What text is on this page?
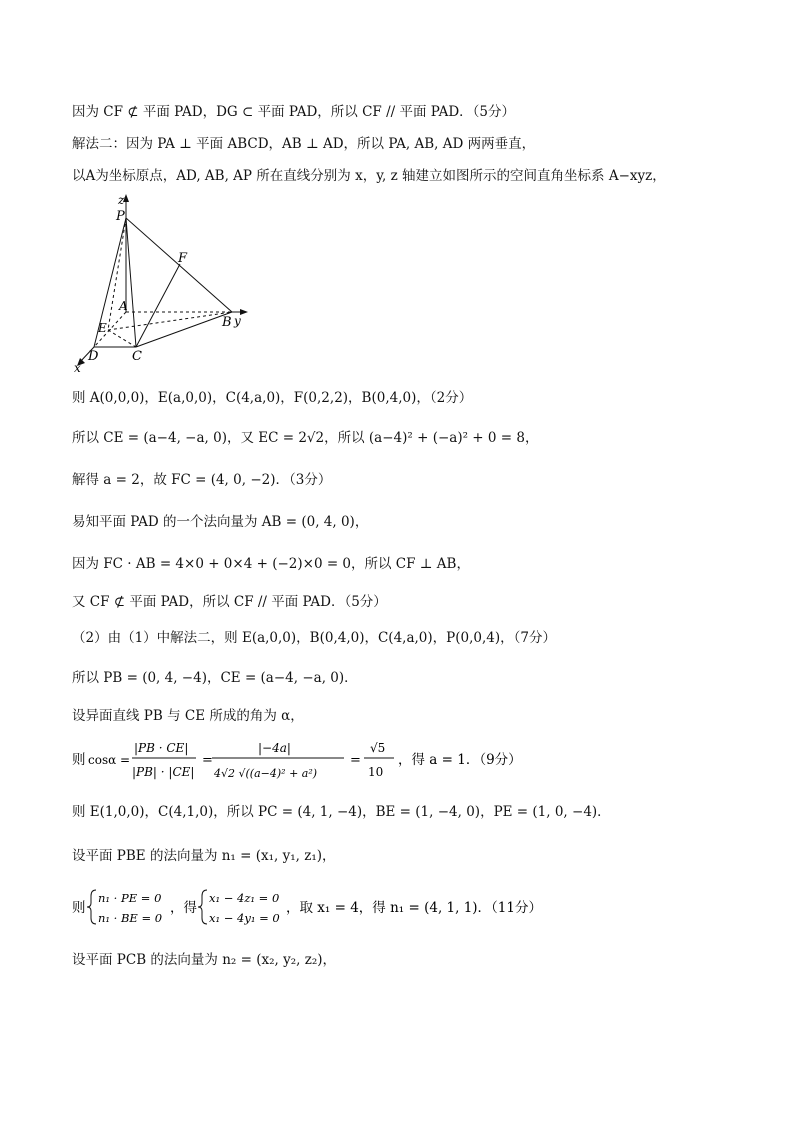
因为 CF ⊄ 平面 PAD，DG ⊂ 平面 PAD，所以 CF // 平面 PAD．（5分）
解法二：因为 PA ⊥ 平面 ABCD，AB ⊥ AD，所以 PA, AB, AD 两两垂直，
以A为坐标原点，AD, AB, AP 所在直线分别为 x，y, z 轴建立如图所示的空间直角坐标系 A−xyz，
z
P
F
A
E	B y
D	C
x
则 A(0,0,0)，E(a,0,0)，C(4,a,0)，F(0,2,2)，B(0,4,0)，（2分）
所以 CE = (a−4, −a, 0)，又 EC = 2√2，所以 (a−4)² + (−a)² + 0 = 8，
解得 a = 2，故 FC = (4, 0, −2)．（3分）
易知平面 PAD 的一个法向量为 AB = (0, 4, 0)，
因为 FC · AB = 4×0 + 0×4 + (−2)×0 = 0，所以 CF ⊥ AB，
又 CF ⊄ 平面 PAD，所以 CF // 平面 PAD．（5分）
（2）由（1）中解法二，则 E(a,0,0)，B(0,4,0)，C(4,a,0)，P(0,0,4)，（7分）
所以 PB = (0, 4, −4)，CE = (a−4, −a, 0)．
设异面直线 PB 与 CE 所成的角为 α，
则 cosα =
|PB · CE|
|PB| · |CE|
=
|−4a|
4√2 √((a−4)² + a²)
=
√5
10
，得 a = 1．（9分）
则 E(1,0,0)，C(4,1,0)，所以 PC = (4, 1, −4)，BE = (1, −4, 0)，PE = (1, 0, −4)．
设平面 PBE 的法向量为 n₁ = (x₁, y₁, z₁)，
则
n₁ · PE = 0
n₁ · BE = 0
，得
x₁ − 4z₁ = 0
x₁ − 4y₁ = 0
，取 x₁ = 4，得 n₁ = (4, 1, 1)．（11分）
设平面 PCB 的法向量为 n₂ = (x₂, y₂, z₂)，
